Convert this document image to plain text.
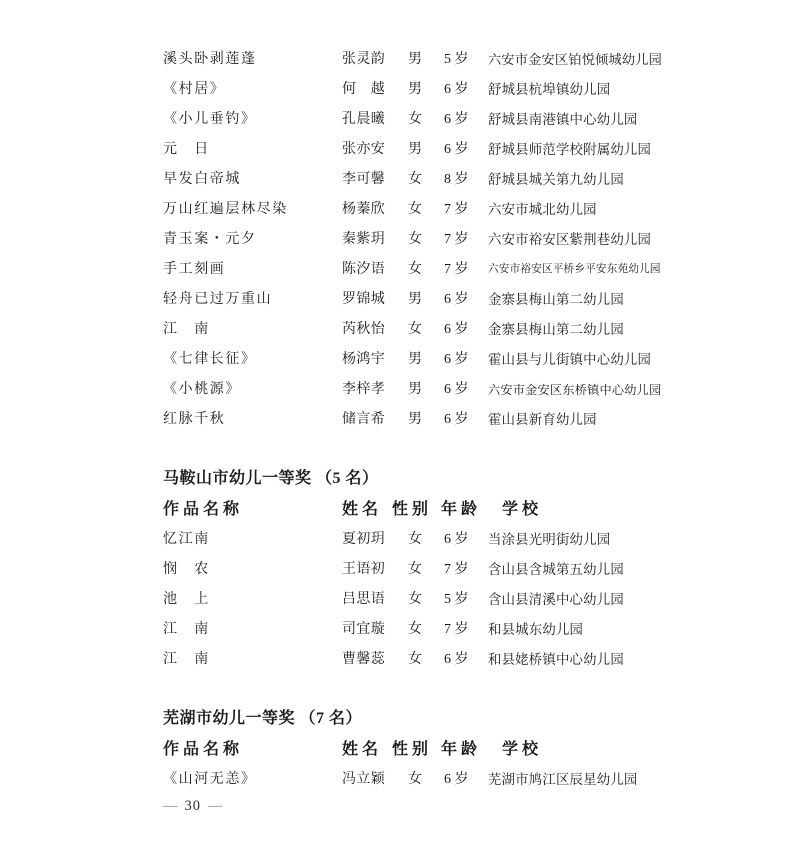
溪头卧剥莲蓬	张灵韵 男 5 岁 六安市金安区铂悦倾城幼儿园
《村居》	何　越 男 6 岁 舒城县杭埠镇幼儿园
《小儿垂钓》	孔晨曦 女 6 岁 舒城县南港镇中心幼儿园
元　日	张亦安 男 6 岁 舒城县师范学校附属幼儿园
早发白帝城	李可馨 女 8 岁 舒城县城关第九幼儿园
万山红遍层林尽染	杨蓁欣 女 7 岁 六安市城北幼儿园
青玉案・元夕	秦紫玥 女 7 岁 六安市裕安区紫荆巷幼儿园
手工刻画	陈汐语 女 7 岁 六安市裕安区平桥乡平安东苑幼儿园
轻舟已过万重山	罗锦城 男 6 岁 金寨县梅山第二幼儿园
江　南	芮秋怡 女 6 岁 金寨县梅山第二幼儿园
《七律长征》	杨鸿宇 男 6 岁 霍山县与儿街镇中心幼儿园
《小桃源》	李梓孝 男 6 岁 六安市金安区东桥镇中心幼儿园
红脉千秋	储言希 男 6 岁 霍山县新育幼儿园
马鞍山市幼儿一等奖 （5 名）
作品名称	姓名 性别 年龄 学校
忆江南	夏初玥 女 6 岁 当涂县光明街幼儿园
悯　农	王语初 女 7 岁 含山县含城第五幼儿园
池　上	吕思语 女 5 岁 含山县清溪中心幼儿园
江　南	司宜璇 女 7 岁 和县城东幼儿园
江　南	曹馨蕊 女 6 岁 和县姥桥镇中心幼儿园
芜湖市幼儿一等奖 （7 名）
作品名称	姓名 性别 年龄 学校
《山河无恙》	冯立颖 女 6 岁 芜湖市鸠江区辰星幼儿园
— 30 —
